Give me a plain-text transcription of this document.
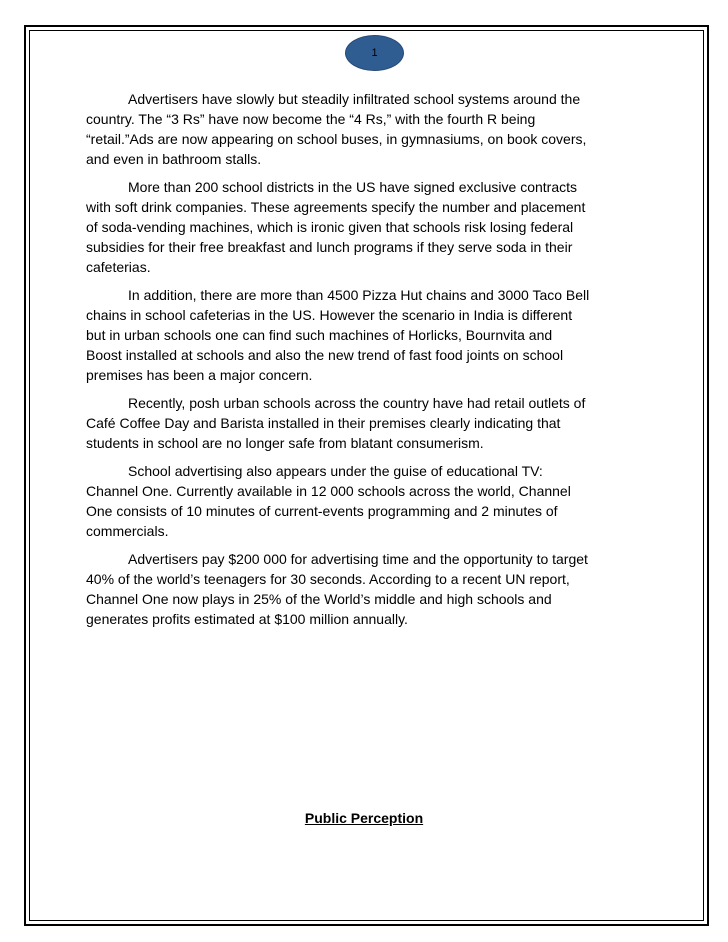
1

Advertisers have slowly but steadily infiltrated school systems around the
country. The “3 Rs” have now become the “4 Rs,” with the fourth R being
“retail.”Ads are now appearing on school buses, in gymnasiums, on book covers,
and even in bathroom stalls.

More than 200 school districts in the US have signed exclusive contracts
with soft drink companies. These agreements specify the number and placement
of soda-vending machines, which is ironic given that schools risk losing federal
subsidies for their free breakfast and lunch programs if they serve soda in their
cafeterias.

In addition, there are more than 4500 Pizza Hut chains and 3000 Taco Bell
chains in school cafeterias in the US. However the scenario in India is different
but in urban schools one can find such machines of Horlicks, Bournvita and
Boost installed at schools and also the new trend of fast food joints on school
premises has been a major concern.

Recently, posh urban schools across the country have had retail outlets of
Café Coffee Day and Barista installed in their premises clearly indicating that
students in school are no longer safe from blatant consumerism.

School advertising also appears under the guise of educational TV:
Channel One. Currently available in 12 000 schools across the world, Channel
One consists of 10 minutes of current-events programming and 2 minutes of
commercials.

Advertisers pay $200 000 for advertising time and the opportunity to target
40% of the world’s teenagers for 30 seconds. According to a recent UN report,
Channel One now plays in 25% of the World’s middle and high schools and
generates profits estimated at $100 million annually.

Public Perception
